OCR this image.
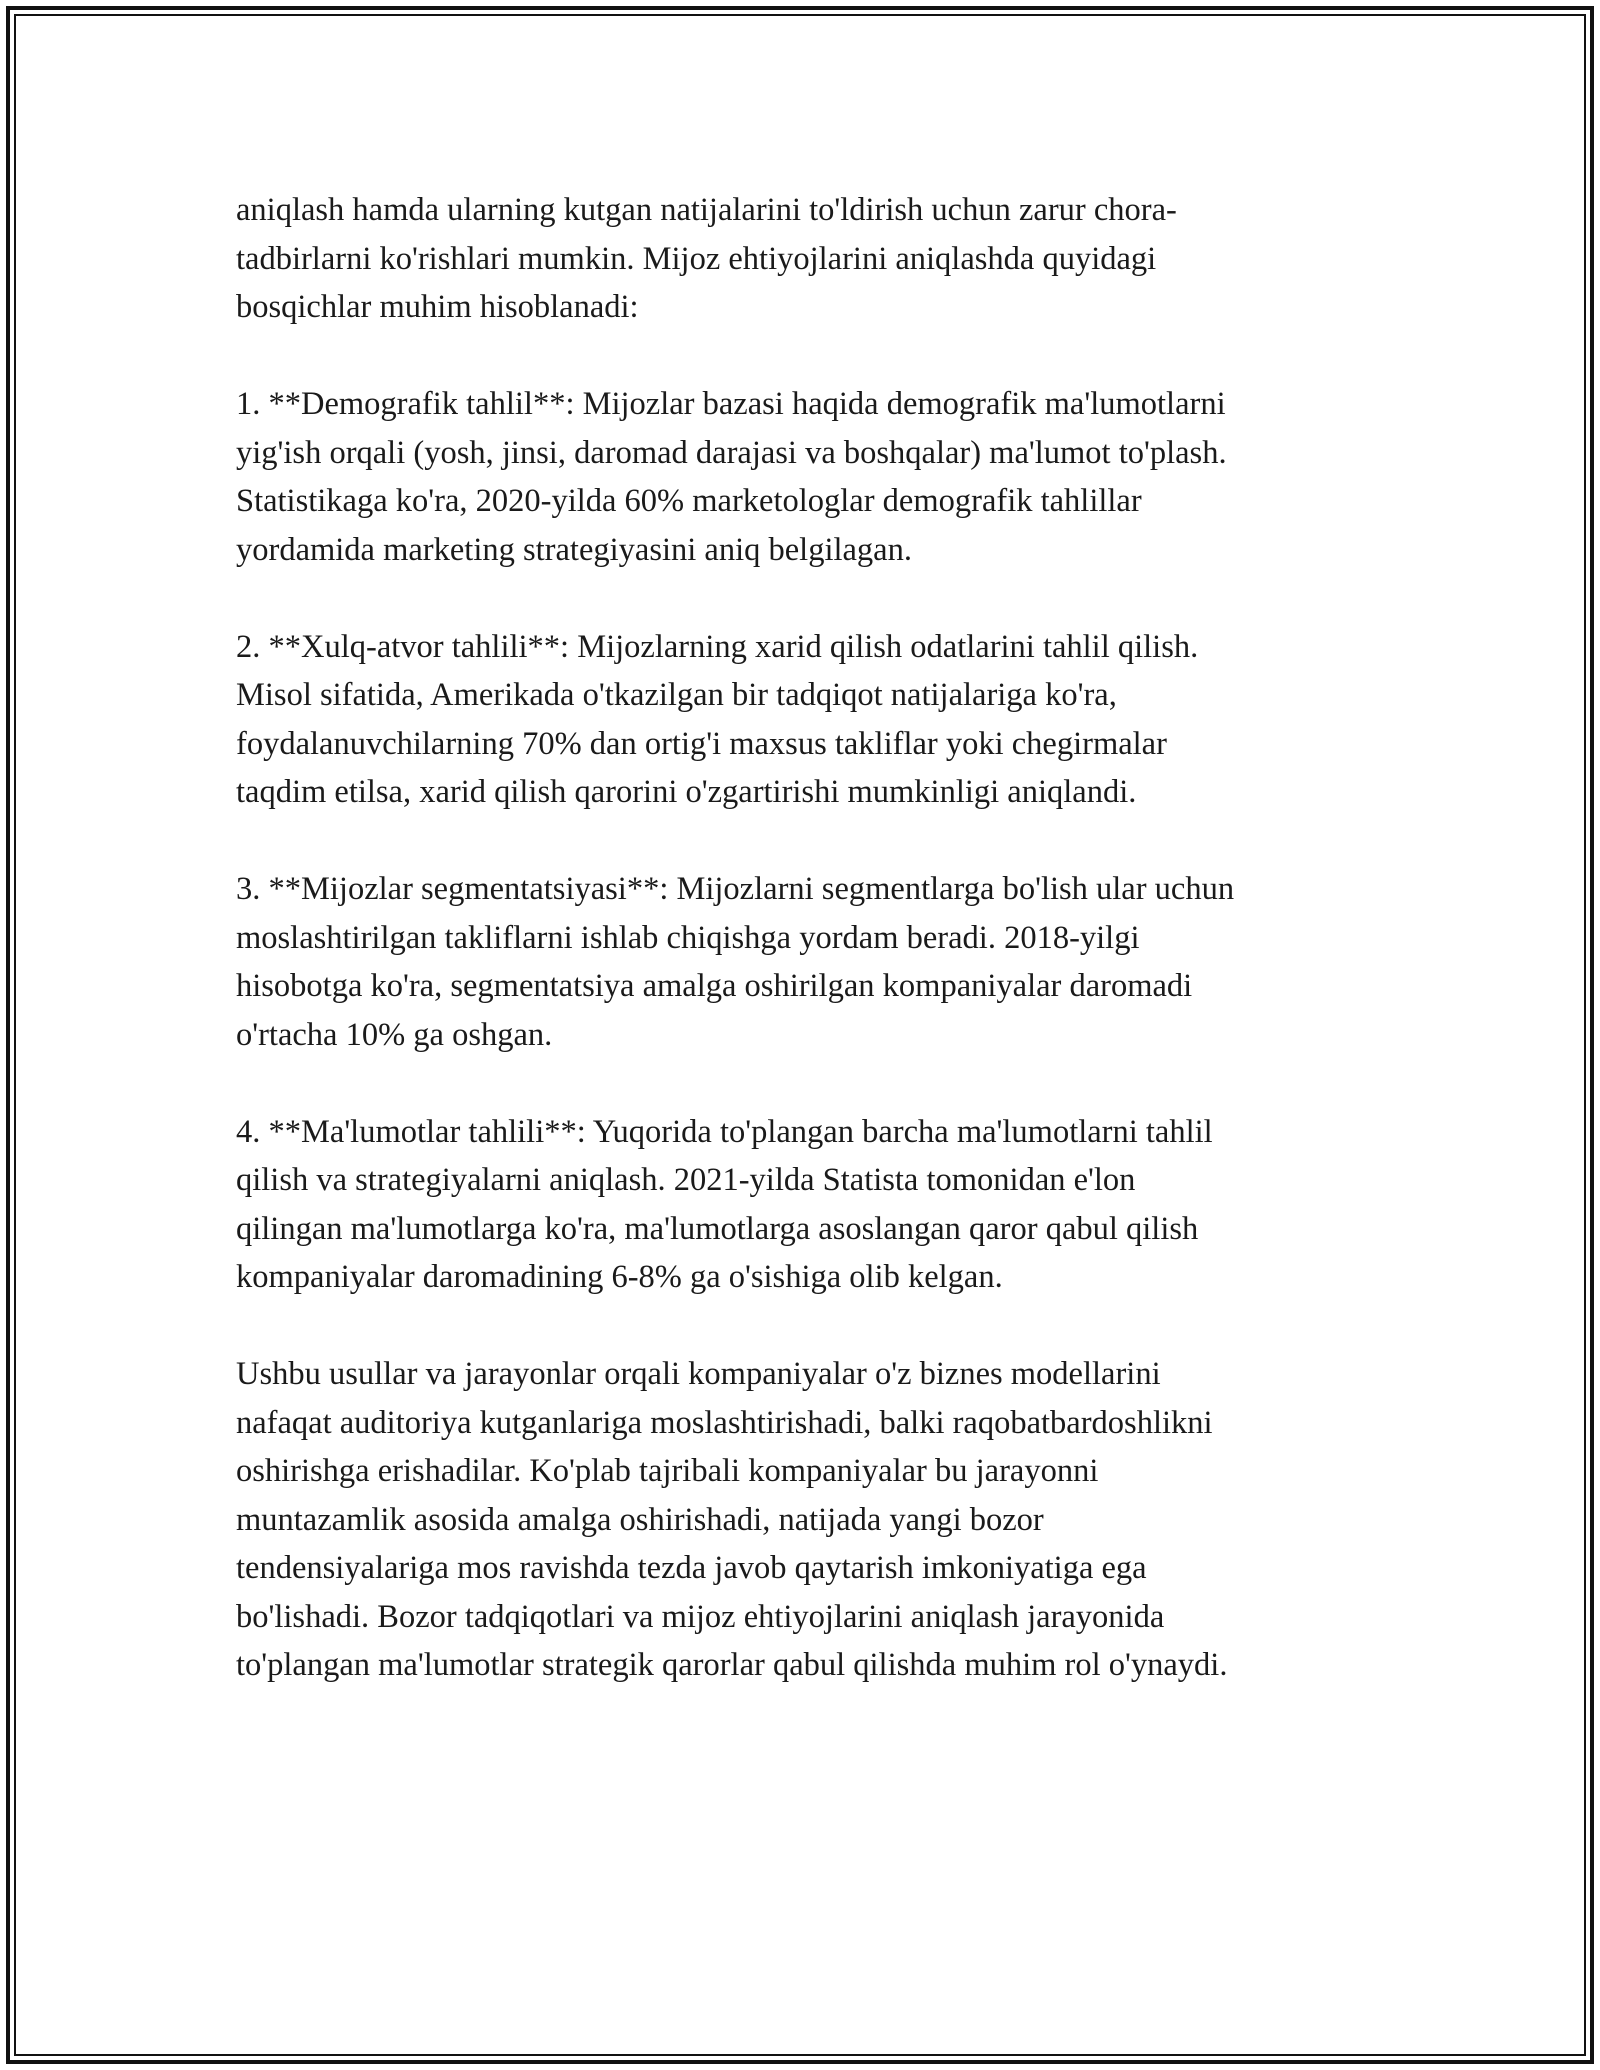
aniqlash hamda ularning kutgan natijalarini to'ldirish uchun zarur chora-
tadbirlarni ko'rishlari mumkin. Mijoz ehtiyojlarini aniqlashda quyidagi
bosqichlar muhim hisoblanadi:

1. **Demografik tahlil**: Mijozlar bazasi haqida demografik ma'lumotlarni
yig'ish orqali (yosh, jinsi, daromad darajasi va boshqalar) ma'lumot to'plash.
Statistikaga ko'ra, 2020-yilda 60% marketologlar demografik tahlillar
yordamida marketing strategiyasini aniq belgilagan.

2. **Xulq-atvor tahlili**: Mijozlarning xarid qilish odatlarini tahlil qilish.
Misol sifatida, Amerikada o'tkazilgan bir tadqiqot natijalariga ko'ra,
foydalanuvchilarning 70% dan ortig'i maxsus takliflar yoki chegirmalar
taqdim etilsa, xarid qilish qarorini o'zgartirishi mumkinligi aniqlandi.

3. **Mijozlar segmentatsiyasi**: Mijozlarni segmentlarga bo'lish ular uchun
moslashtirilgan takliflarni ishlab chiqishga yordam beradi. 2018-yilgi
hisobotga ko'ra, segmentatsiya amalga oshirilgan kompaniyalar daromadi
o'rtacha 10% ga oshgan.

4. **Ma'lumotlar tahlili**: Yuqorida to'plangan barcha ma'lumotlarni tahlil
qilish va strategiyalarni aniqlash. 2021-yilda Statista tomonidan e'lon
qilingan ma'lumotlarga ko'ra, ma'lumotlarga asoslangan qaror qabul qilish
kompaniyalar daromadining 6-8% ga o'sishiga olib kelgan.

Ushbu usullar va jarayonlar orqali kompaniyalar o'z biznes modellarini
nafaqat auditoriya kutganlariga moslashtirishadi, balki raqobatbardoshlikni
oshirishga erishadilar. Ko'plab tajribali kompaniyalar bu jarayonni
muntazamlik asosida amalga oshirishadi, natijada yangi bozor
tendensiyalariga mos ravishda tezda javob qaytarish imkoniyatiga ega
bo'lishadi. Bozor tadqiqotlari va mijoz ehtiyojlarini aniqlash jarayonida
to'plangan ma'lumotlar strategik qarorlar qabul qilishda muhim rol o'ynaydi.
